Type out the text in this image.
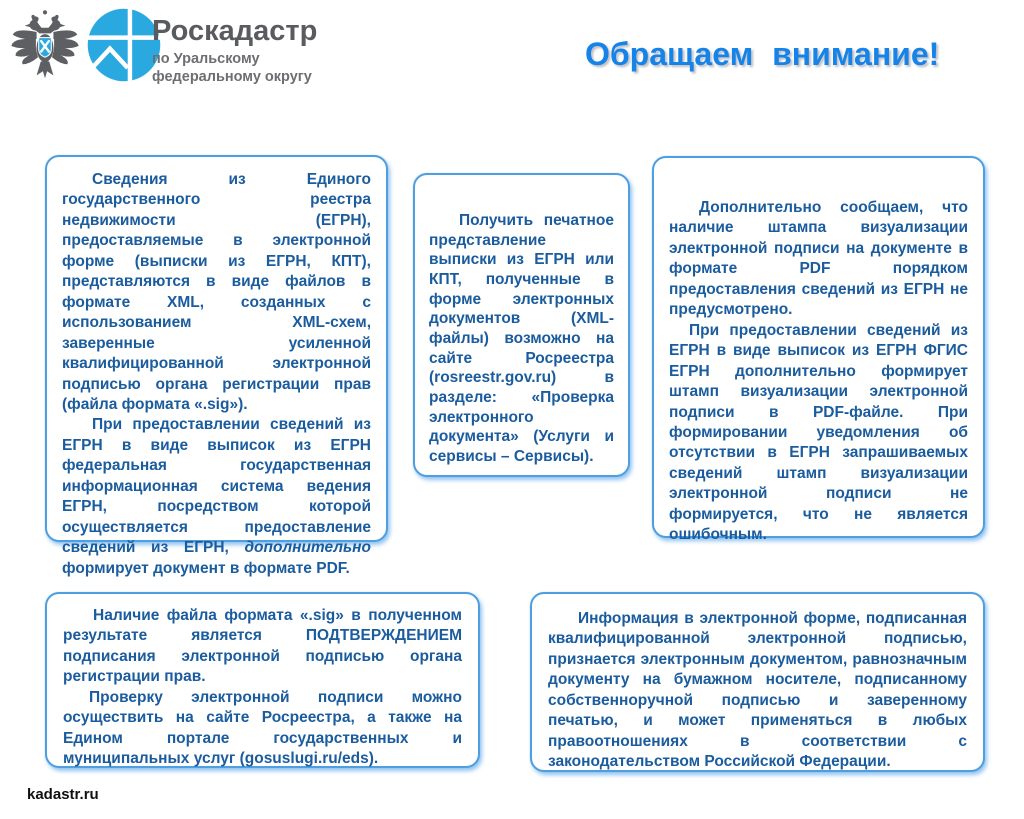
Роскадастр
по Уральскому
федеральному округу
Обращаем внимание!

Сведения из Единого государственного реестра недвижимости (ЕГРН), предоставляемые в электронной форме (выписки из ЕГРН, КПТ), представляются в виде файлов в формате XML, созданных с использованием XML-схем, заверенные усиленной квалифицированной электронной подписью органа регистрации прав (файла формата «.sig»).

При предоставлении сведений из ЕГРН в виде выписок из ЕГРН федеральная государственная информационная система ведения ЕГРН, посредством которой осуществляется предоставление сведений из ЕГРН, дополнительно формирует документ в формате PDF.

Получить печатное представление выписки из ЕГРН или КПТ, полученные в форме электронных документов (XML-файлы) возможно на сайте Росреестра (rosreestr.gov.ru) в разделе: «Проверка электронного документа» (Услуги и сервисы – Сервисы).

Дополнительно сообщаем, что наличие штампа визуализации электронной подписи на документе в формате PDF порядком предоставления сведений из ЕГРН не предусмотрено.

При предоставлении сведений из ЕГРН в виде выписок из ЕГРН ФГИС ЕГРН дополнительно формирует штамп визуализации электронной подписи в PDF-файле. При формировании уведомления об отсутствии в ЕГРН запрашиваемых сведений штамп визуализации электронной подписи не формируется, что не является ошибочным.

Наличие файла формата «.sig» в полученном результате является ПОДТВЕРЖДЕНИЕМ подписания электронной подписью органа регистрации прав.

Проверку электронной подписи можно осуществить на сайте Росреестра, а также на Едином портале государственных и муниципальных услуг (gosuslugi.ru/eds).

Информация в электронной форме, подписанная квалифицированной электронной подписью, признается электронным документом, равнозначным документу на бумажном носителе, подписанному собственноручной подписью и заверенному печатью, и может применяться в любых правоотношениях в соответствии с законодательством Российской Федерации.

kadastr.ru
